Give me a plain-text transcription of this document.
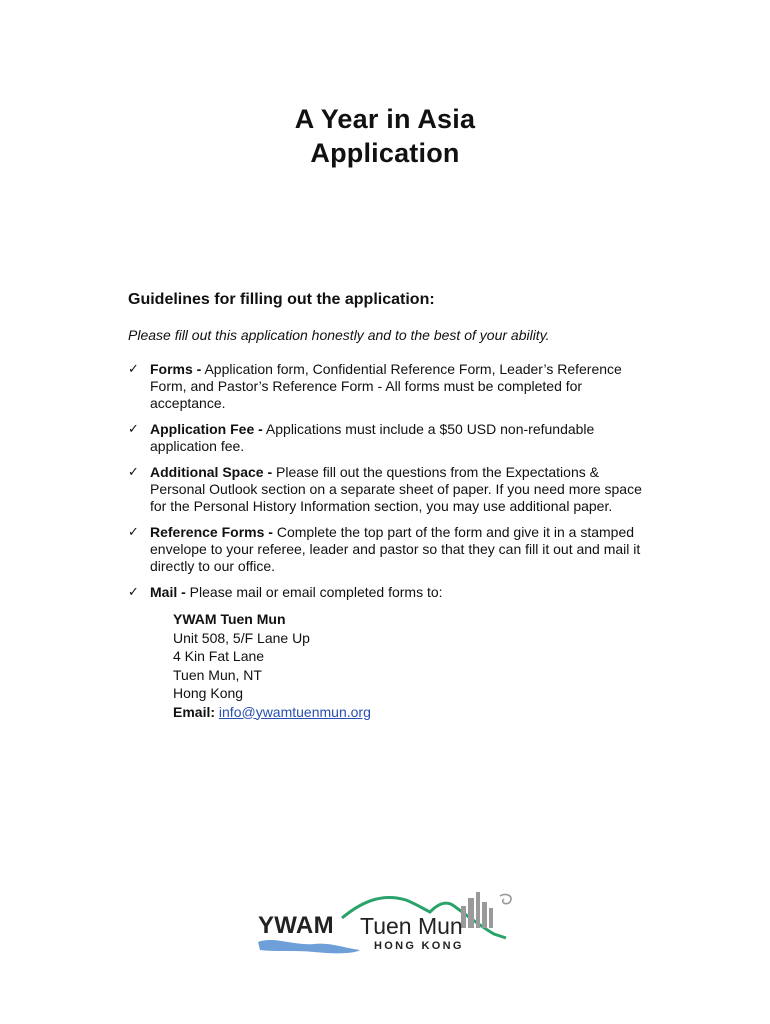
A Year in Asia
Application
Guidelines for filling out the application:
Please fill out this application honestly and to the best of your ability.
✓ Forms - Application form, Confidential Reference Form, Leader’s Reference Form, and Pastor’s Reference Form - All forms must be completed for acceptance.
✓ Application Fee - Applications must include a $50 USD non-refundable application fee.
✓ Additional Space - Please fill out the questions from the Expectations & Personal Outlook section on a separate sheet of paper. If you need more space for the Personal History Information section, you may use additional paper.
✓ Reference Forms - Complete the top part of the form and give it in a stamped envelope to your referee, leader and pastor so that they can fill it out and mail it directly to our office.
✓ Mail - Please mail or email completed forms to:
YWAM Tuen Mun
Unit 508, 5/F Lane Up
4 Kin Fat Lane
Tuen Mun, NT
Hong Kong
Email: info@ywamtuenmun.org
YWAM Tuen Mun
HONG KONG
